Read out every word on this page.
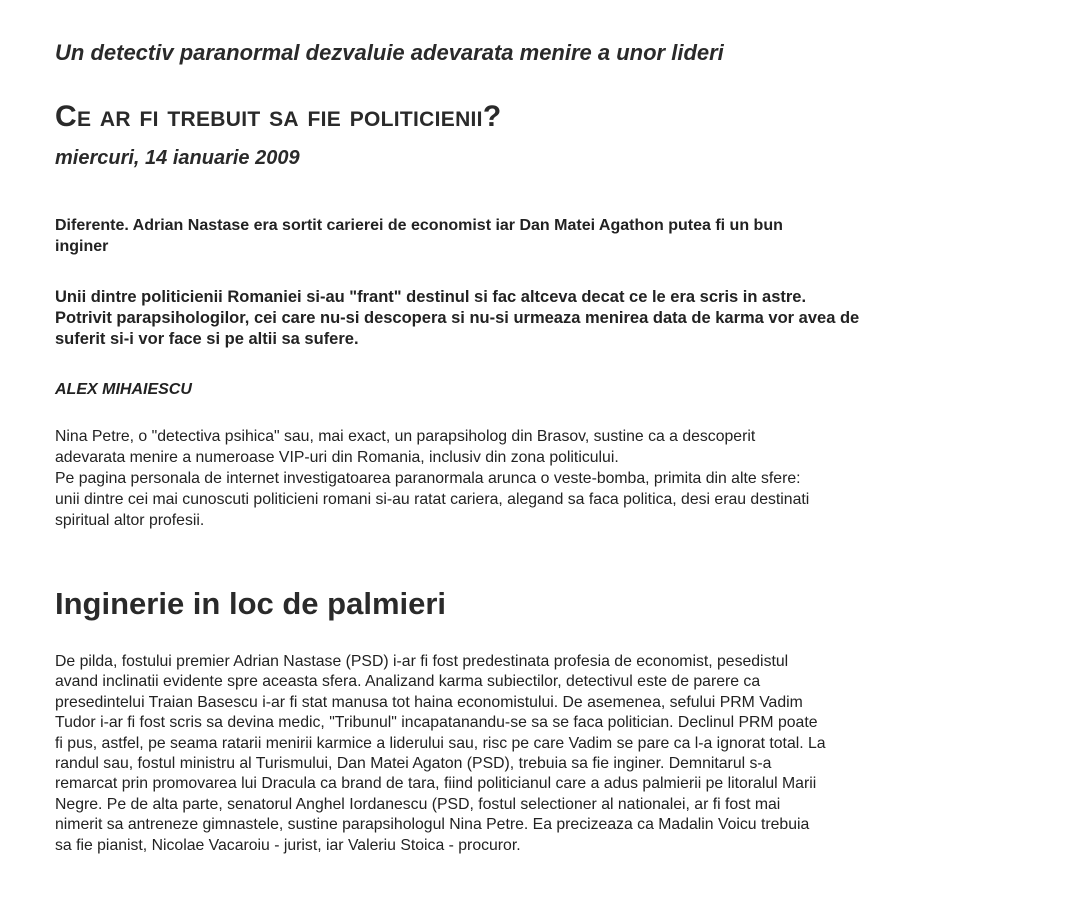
Un detectiv paranormal dezvaluie adevarata menire a unor lideri
Ce ar fi trebuit sa fie politicienii?
miercuri, 14 ianuarie 2009
Diferente. Adrian Nastase era sortit carierei de economist iar Dan Matei Agathon putea fi un bun
inginer
Unii dintre politicienii Romaniei si-au "frant" destinul si fac altceva decat ce le era scris in astre.
Potrivit parapsihologilor, cei care nu-si descopera si nu-si urmeaza menirea data de karma vor avea de
suferit si-i vor face si pe altii sa sufere.
ALEX MIHAIESCU
Nina Petre, o "detectiva psihica" sau, mai exact, un parapsiholog din Brasov, sustine ca a descoperit
adevarata menire a numeroase VIP-uri din Romania, inclusiv din zona politicului.
Pe pagina personala de internet investigatoarea paranormala arunca o veste-bomba, primita din alte sfere:
unii dintre cei mai cunoscuti politicieni romani si-au ratat cariera, alegand sa faca politica, desi erau destinati
spiritual altor profesii.
Inginerie in loc de palmieri
De pilda, fostului premier Adrian Nastase (PSD) i-ar fi fost predestinata profesia de economist, pesedistul
avand inclinatii evidente spre aceasta sfera. Analizand karma subiectilor, detectivul este de parere ca
presedintelui Traian Basescu i-ar fi stat manusa tot haina economistului. De asemenea, sefului PRM Vadim
Tudor i-ar fi fost scris sa devina medic, "Tribunul" incapatanandu-se sa se faca politician. Declinul PRM poate
fi pus, astfel, pe seama ratarii menirii karmice a liderului sau, risc pe care Vadim se pare ca l-a ignorat total. La
randul sau, fostul ministru al Turismului, Dan Matei Agaton (PSD), trebuia sa fie inginer. Demnitarul s-a
remarcat prin promovarea lui Dracula ca brand de tara, fiind politicianul care a adus palmierii pe litoralul Marii
Negre. Pe de alta parte, senatorul Anghel Iordanescu (PSD, fostul selectioner al nationalei, ar fi fost mai
nimerit sa antreneze gimnastele, sustine parapsihologul Nina Petre. Ea precizeaza ca Madalin Voicu trebuia
sa fie pianist, Nicolae Vacaroiu - jurist, iar Valeriu Stoica - procuror.
